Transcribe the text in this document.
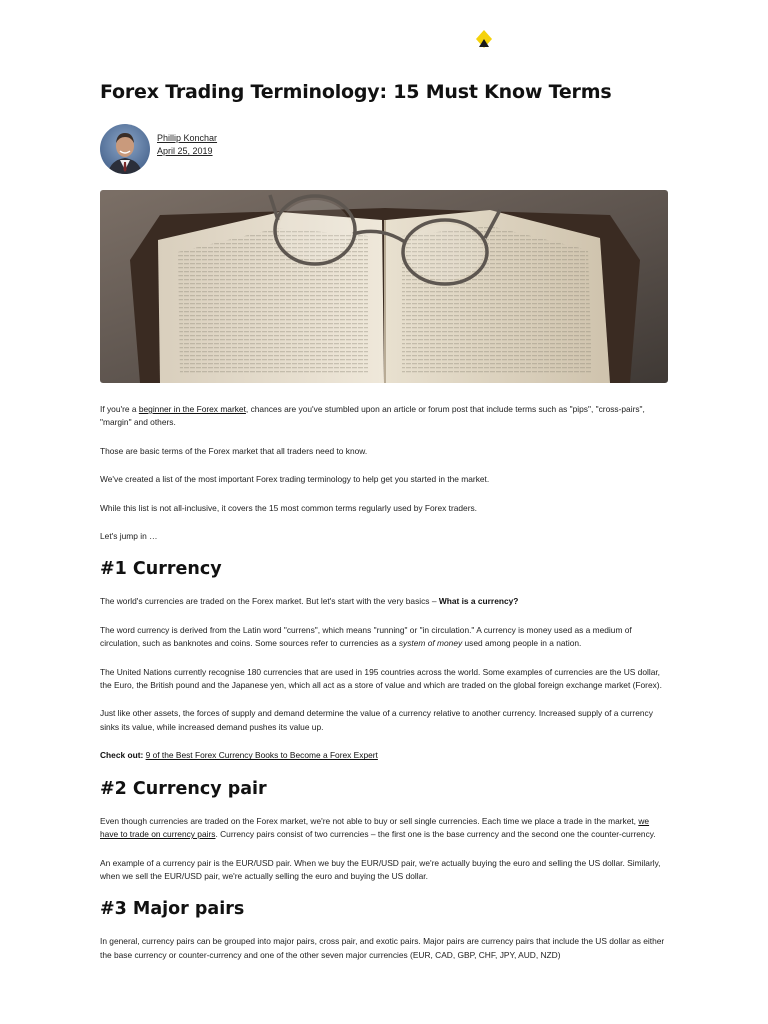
Forex Trading Terminology: 15 Must Know Terms
Phillip Konchar
April 25, 2019

If you're a beginner in the Forex market, chances are you've stumbled upon an article or forum post that include terms such as "pips", "cross-pairs", "margin" and others.

Those are basic terms of the Forex market that all traders need to know.

We've created a list of the most important Forex trading terminology to help get you started in the market.

While this list is not all-inclusive, it covers the 15 most common terms regularly used by Forex traders.

Let's jump in …

#1 Currency

The world's currencies are traded on the Forex market. But let's start with the very basics – What is a currency?

The word currency is derived from the Latin word "currens", which means "running" or "in circulation." A currency is money used as a medium of circulation, such as banknotes and coins. Some sources refer to currencies as a system of money used among people in a nation.

The United Nations currently recognise 180 currencies that are used in 195 countries across the world. Some examples of currencies are the US dollar, the Euro, the British pound and the Japanese yen, which all act as a store of value and which are traded on the global foreign exchange market (Forex).

Just like other assets, the forces of supply and demand determine the value of a currency relative to another currency. Increased supply of a currency sinks its value, while increased demand pushes its value up.

Check out: 9 of the Best Forex Currency Books to Become a Forex Expert

#2 Currency pair

Even though currencies are traded on the Forex market, we're not able to buy or sell single currencies. Each time we place a trade in the market, we have to trade on currency pairs. Currency pairs consist of two currencies – the first one is the base currency and the second one the counter-currency.

An example of a currency pair is the EUR/USD pair. When we buy the EUR/USD pair, we're actually buying the euro and selling the US dollar. Similarly, when we sell the EUR/USD pair, we're actually selling the euro and buying the US dollar.

#3 Major pairs

In general, currency pairs can be grouped into major pairs, cross pair, and exotic pairs. Major pairs are currency pairs that include the US dollar as either the base currency or counter-currency and one of the other seven major currencies (EUR, CAD, GBP, CHF, JPY, AUD, NZD)
